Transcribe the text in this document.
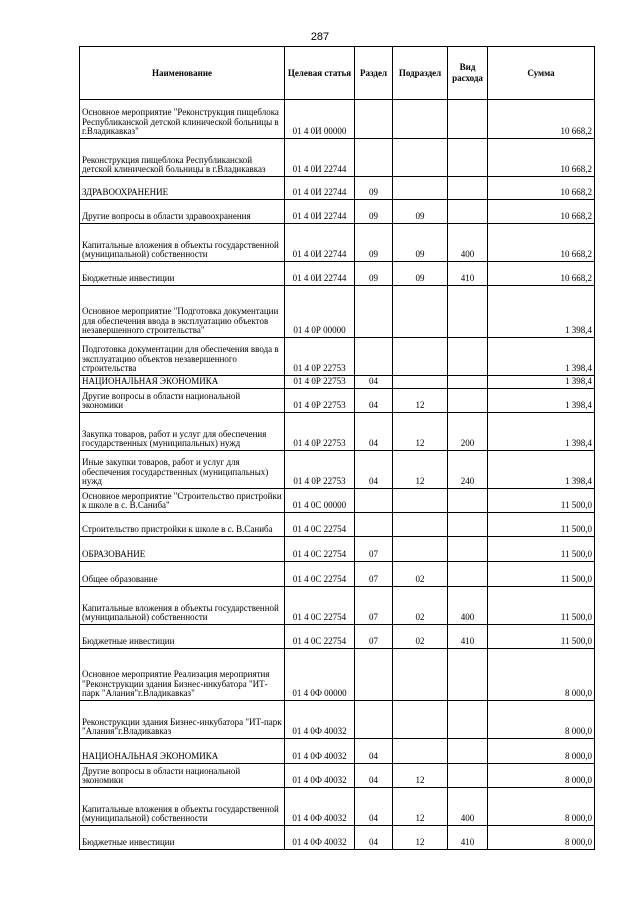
287
Наименование	Целевая статья	Раздел	Подраздел	Вид расхода	Сумма
Основное мероприятие "Реконструкция пищеблока Республиканской детской клинической больницы в г.Владикавказ"	01 4 0И 00000				10 668,2
Реконструкция пищеблока Республиканской детской клинической больницы в г.Владикавказ	01 4 0И 22744				10 668,2
ЗДРАВООХРАНЕНИЕ	01 4 0И 22744	09			10 668,2
Другие вопросы в области здравоохранения	01 4 0И 22744	09	09		10 668,2
Капитальные вложения в объекты государственной (муниципальной) собственности	01 4 0И 22744	09	09	400	10 668,2
Бюджетные инвестиции	01 4 0И 22744	09	09	410	10 668,2
Основное мероприятие "Подготовка документации для обеспечения ввода в эксплуатацию объектов незавершенного строительства"	01 4 0Р 00000				1 398,4
Подготовка документации для обеспечения ввода в эксплуатацию объектов незавершенного строительства	01 4 0Р 22753				1 398,4
НАЦИОНАЛЬНАЯ ЭКОНОМИКА	01 4 0Р 22753	04			1 398,4
Другие вопросы в области национальной экономики	01 4 0Р 22753	04	12		1 398,4
Закупка товаров, работ и услуг для обеспечения государственных (муниципальных) нужд	01 4 0Р 22753	04	12	200	1 398,4
Иные закупки товаров, работ и услуг для обеспечения государственных (муниципальных) нужд	01 4 0Р 22753	04	12	240	1 398,4
Основное мероприятие "Строительство пристройки к школе в с. В.Саниба"	01 4 0С 00000				11 500,0
Строительство пристройки к школе в с. В.Саниба	01 4 0С 22754				11 500,0
ОБРАЗОВАНИЕ	01 4 0С 22754	07			11 500,0
Общее образование	01 4 0С 22754	07	02		11 500,0
Капитальные вложения в объекты государственной (муниципальной) собственности	01 4 0С 22754	07	02	400	11 500,0
Бюджетные инвестиции	01 4 0С 22754	07	02	410	11 500,0
Основное мероприятие Реализация мероприятия "Реконструкции здания Бизнес-инкубатора "ИТ-парк "Алания"г.Владикавказ"	01 4 0Ф 00000				8 000,0
Реконструкции здания Бизнес-инкубатора "ИТ-парк "Алания"г.Владикавказ	01 4 0Ф 40032				8 000,0
НАЦИОНАЛЬНАЯ ЭКОНОМИКА	01 4 0Ф 40032	04			8 000,0
Другие вопросы в области национальной экономики	01 4 0Ф 40032	04	12		8 000,0
Капитальные вложения в объекты государственной (муниципальной) собственности	01 4 0Ф 40032	04	12	400	8 000,0
Бюджетные инвестиции	01 4 0Ф 40032	04	12	410	8 000,0
